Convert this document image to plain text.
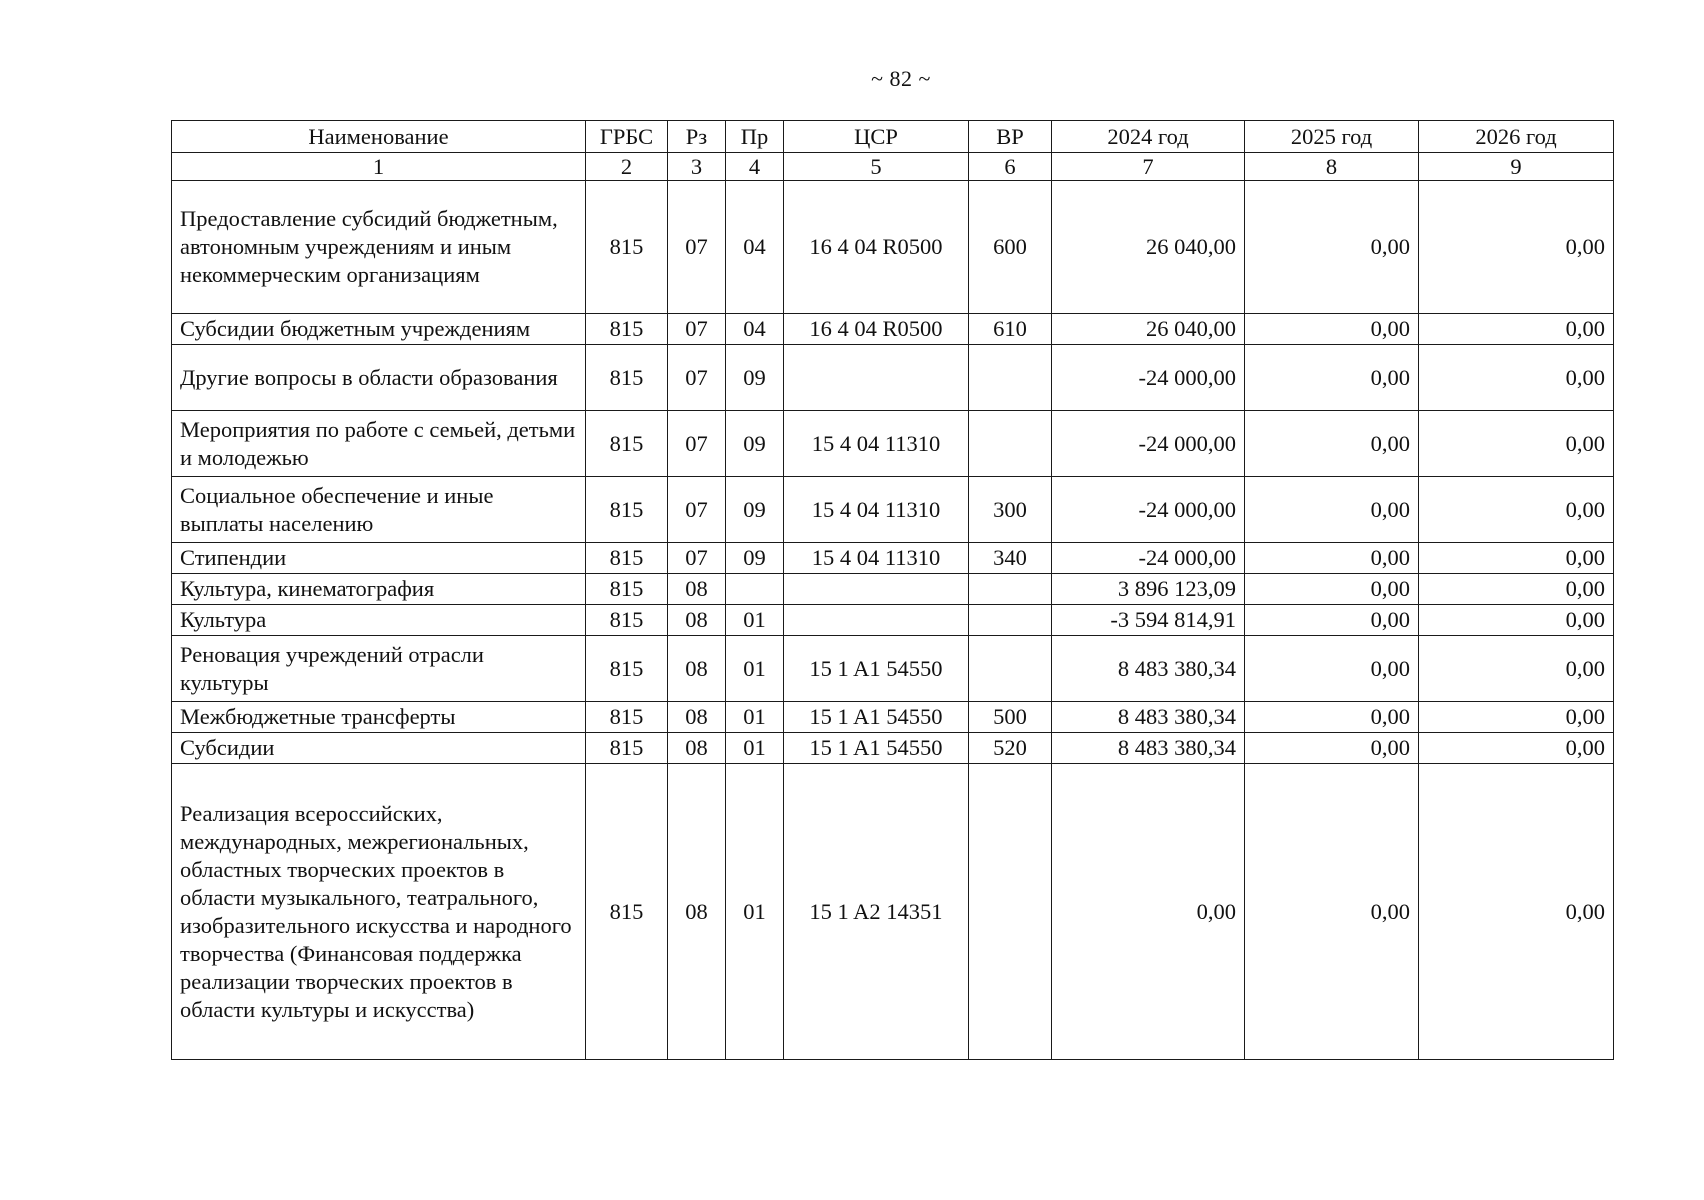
~ 82 ~
Наименование	ГРБС	Рз	Пр	ЦСР	ВР	2024 год	2025 год	2026 год
1	2	3	4	5	6	7	8	9
Предоставление субсидий бюджетным, автономным учреждениям и иным некоммерческим организациям	815	07	04	16 4 04 R0500	600	26 040,00	0,00	0,00
Субсидии бюджетным учреждениям	815	07	04	16 4 04 R0500	610	26 040,00	0,00	0,00
Другие вопросы в области образования	815	07	09			-24 000,00	0,00	0,00
Мероприятия по работе с семьей, детьми и молодежью	815	07	09	15 4 04 11310		-24 000,00	0,00	0,00
Социальное обеспечение и иные выплаты населению	815	07	09	15 4 04 11310	300	-24 000,00	0,00	0,00
Стипендии	815	07	09	15 4 04 11310	340	-24 000,00	0,00	0,00
Культура, кинематография	815	08				3 896 123,09	0,00	0,00
Культура	815	08	01			-3 594 814,91	0,00	0,00
Реновация учреждений отрасли культуры	815	08	01	15 1 A1 54550		8 483 380,34	0,00	0,00
Межбюджетные трансферты	815	08	01	15 1 A1 54550	500	8 483 380,34	0,00	0,00
Субсидии	815	08	01	15 1 A1 54550	520	8 483 380,34	0,00	0,00
Реализация всероссийских, международных, межрегиональных, областных творческих проектов в области музыкального, театрального, изобразительного искусства и народного творчества (Финансовая поддержка реализации творческих проектов в области культуры и искусства)	815	08	01	15 1 A2 14351		0,00	0,00	0,00
